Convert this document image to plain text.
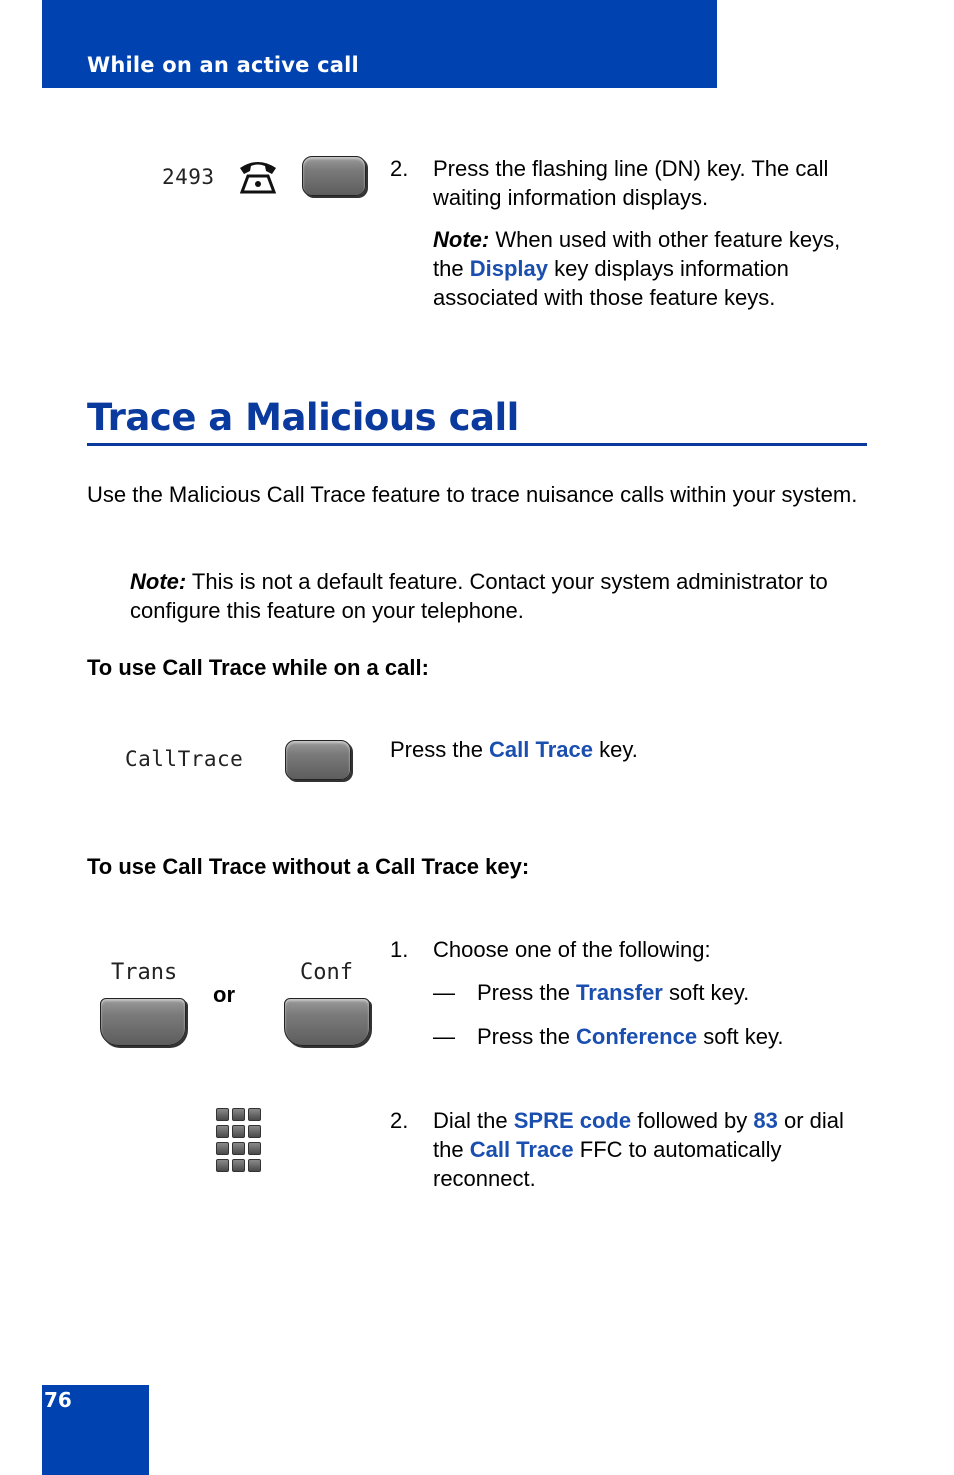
While on an active call
2493	2. Press the flashing line (DN) key. The call waiting information displays.
Note: When used with other feature keys, the Display key displays information associated with those feature keys.
Trace a Malicious call
Use the Malicious Call Trace feature to trace nuisance calls within your system.
Note: This is not a default feature. Contact your system administrator to configure this feature on your telephone.
To use Call Trace while on a call:
CallTrace	Press the Call Trace key.
To use Call Trace without a Call Trace key:
Trans
or
Conf
1. Choose one of the following:
— Press the Transfer soft key.
— Press the Conference soft key.
2. Dial the SPRE code followed by 83 or dial the Call Trace FFC to automatically reconnect.
76
